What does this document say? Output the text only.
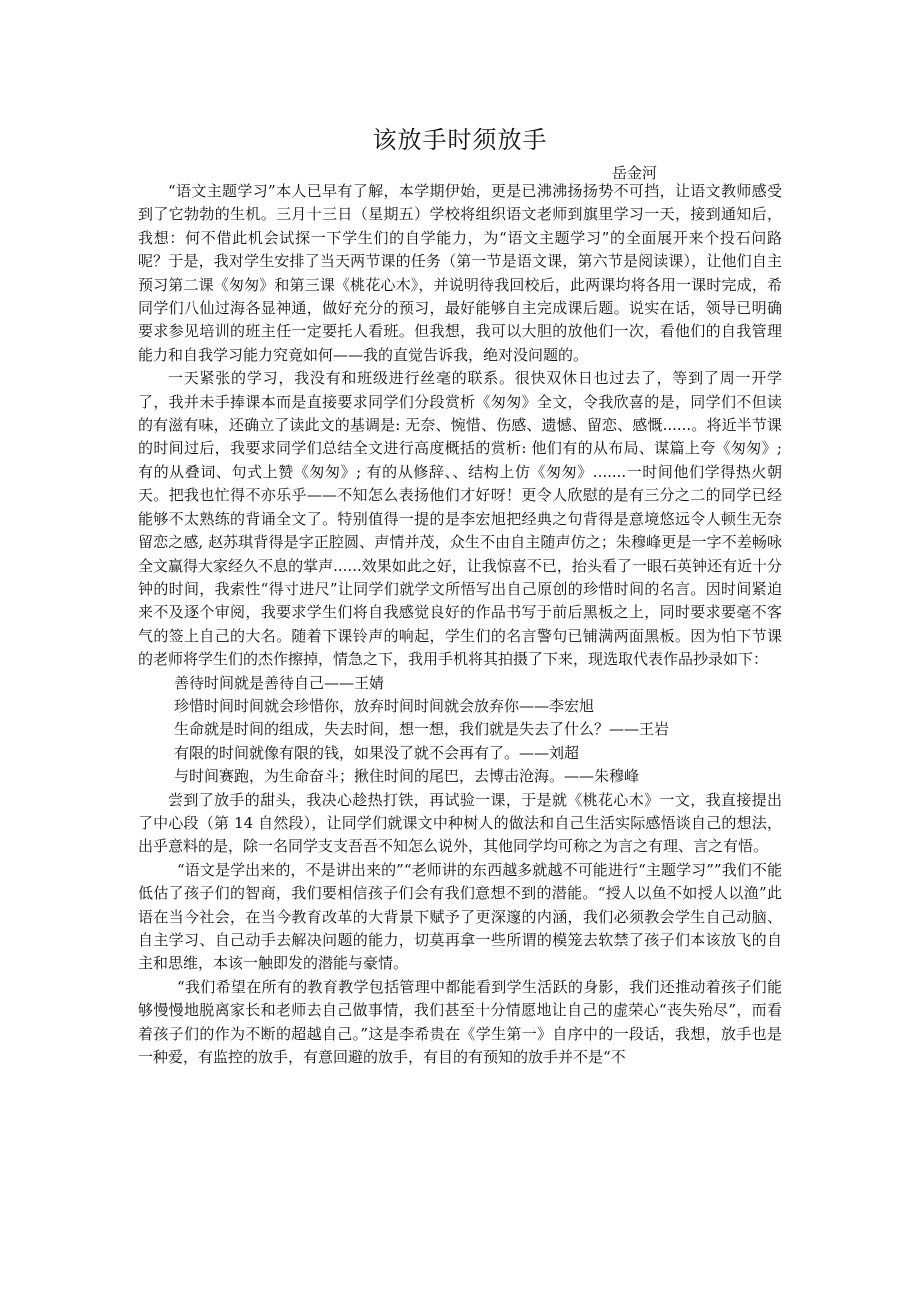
该放手时须放手
岳金河

“语文主题学习”本人已早有了解，本学期伊始，更是已沸沸扬扬势不可挡，让语文教师感受到了它勃勃的生机。三月十三日（星期五）学校将组织语文老师到旗里学习一天，接到通知后，我想：何不借此机会试探一下学生们的自学能力，为“语文主题学习”的全面展开来个投石问路呢？于是，我对学生安排了当天两节课的任务（第一节是语文课，第六节是阅读课），让他们自主预习第二课《匆匆》和第三课《桃花心木》，并说明待我回校后，此两课均将各用一课时完成，希同学们八仙过海各显神通，做好充分的预习，最好能够自主完成课后题。说实在话，领导已明确要求参见培训的班主任一定要托人看班。但我想，我可以大胆的放他们一次，看他们的自我管理能力和自我学习能力究竟如何——我的直觉告诉我，绝对没问题的。

一天紧张的学习，我没有和班级进行丝毫的联系。很快双休日也过去了，等到了周一开学了，我并未手捧课本而是直接要求同学们分段赏析《匆匆》全文，令我欣喜的是，同学们不但读的有滋有味，还确立了读此文的基调是: 无奈、惋惜、伤感、遗憾、留恋、感慨......。将近半节课的时间过后，我要求同学们总结全文进行高度概括的赏析: 他们有的从布局、谋篇上夸《匆匆》; 有的从叠词、句式上赞《匆匆》; 有的从修辞、、结构上仿《匆匆》.......一时间他们学得热火朝天。把我也忙得不亦乐乎——不知怎么表扬他们才好呀！更令人欣慰的是有三分之二的同学已经能够不太熟练的背诵全文了。特别值得一提的是李宏旭把经典之句背得是意境悠远令人顿生无奈留恋之感, 赵苏琪背得是字正腔圆、声情并茂，众生不由自主随声仿之；朱穆峰更是一字不差畅咏全文赢得大家经久不息的掌声......效果如此之好，让我惊喜不已，抬头看了一眼石英钟还有近十分钟的时间，我索性“得寸进尺”让同学们就学文所悟写出自己原创的珍惜时间的名言。因时间紧迫来不及逐个审阅，我要求学生们将自我感觉良好的作品书写于前后黑板之上，同时要求要毫不客气的签上自己的大名。随着下课铃声的响起，学生们的名言警句已铺满两面黑板。因为怕下节课的老师将学生们的杰作擦掉，情急之下，我用手机将其拍摄了下来，现选取代表作品抄录如下：

善待时间就是善待自己——王婧

珍惜时间时间就会珍惜你，放弃时间时间就会放弃你——李宏旭

生命就是时间的组成，失去时间，想一想，我们就是失去了什么？——王岩

有限的时间就像有限的钱，如果没了就不会再有了。——刘超

与时间赛跑，为生命奋斗；揪住时间的尾巴，去博击沧海。——朱穆峰

尝到了放手的甜头，我决心趁热打铁，再试验一课，于是就《桃花心木》一文，我直接提出了中心段（第 14 自然段），让同学们就课文中种树人的做法和自己生活实际感悟谈自己的想法，出乎意料的是，除一名同学支支吾吾不知怎么说外，其他同学均可称之为言之有理、言之有悟。

“语文是学出来的，不是讲出来的”“老师讲的东西越多就越不可能进行“主题学习””我们不能低估了孩子们的智商，我们要相信孩子们会有我们意想不到的潜能。“授人以鱼不如授人以渔”此语在当今社会，在当今教育改革的大背景下赋予了更深邃的内涵，我们必须教会学生自己动脑、自主学习、自己动手去解决问题的能力，切莫再拿一些所谓的模笼去软禁了孩子们本该放飞的自主和思维，本该一触即发的潜能与豪情。

“我们希望在所有的教育教学包括管理中都能看到学生活跃的身影，我们还推动着孩子们能够慢慢地脱离家长和老师去自己做事情，我们甚至十分情愿地让自己的虚荣心“丧失殆尽”，而看着孩子们的作为不断的超越自己。”这是李希贵在《学生第一》自序中的一段话，我想，放手也是一种爱，有监控的放手，有意回避的放手，有目的有预知的放手并不是“不
